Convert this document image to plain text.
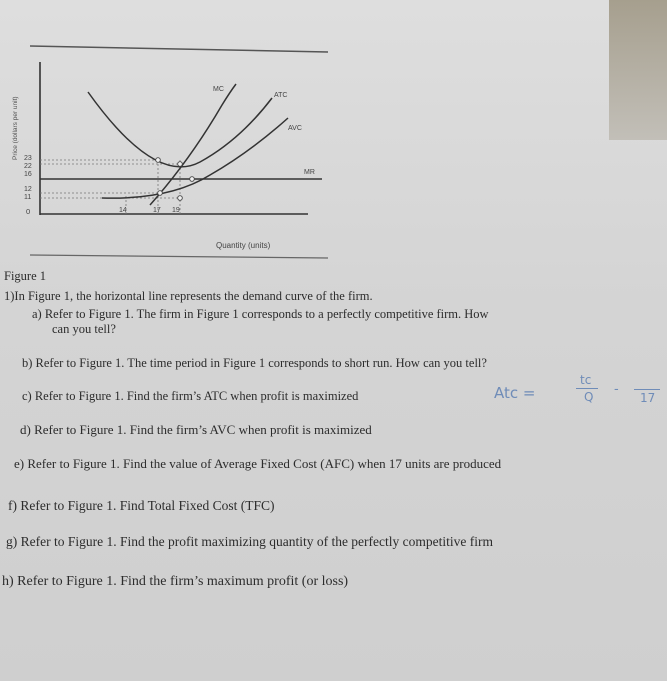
Price (dollars per unit) 23
22
16
12
11
0	14	17 19
Quantity (units)
MR
ATC
AVC
MC
Figure 1
1)In Figure 1, the horizontal line represents the demand curve of the firm.
a) Refer to Figure 1. The firm in Figure 1 corresponds to a perfectly competitive firm. How
can you tell?
b) Refer to Figure 1. The time period in Figure 1 corresponds to short run. How can you tell?
c) Refer to Figure 1. Find the firm’s ATC when profit is maximized
d) Refer to Figure 1. Find the firm’s AVC when profit is maximized
e) Refer to Figure 1. Find the value of Average Fixed Cost (AFC) when 17 units are produced
f) Refer to Figure 1. Find Total Fixed Cost (TFC)
g) Refer to Figure 1. Find the profit maximizing quantity of the perfectly competitive firm
h) Refer to Figure 1. Find the firm’s maximum profit (or loss)
Atc =
tc
Q -
17
